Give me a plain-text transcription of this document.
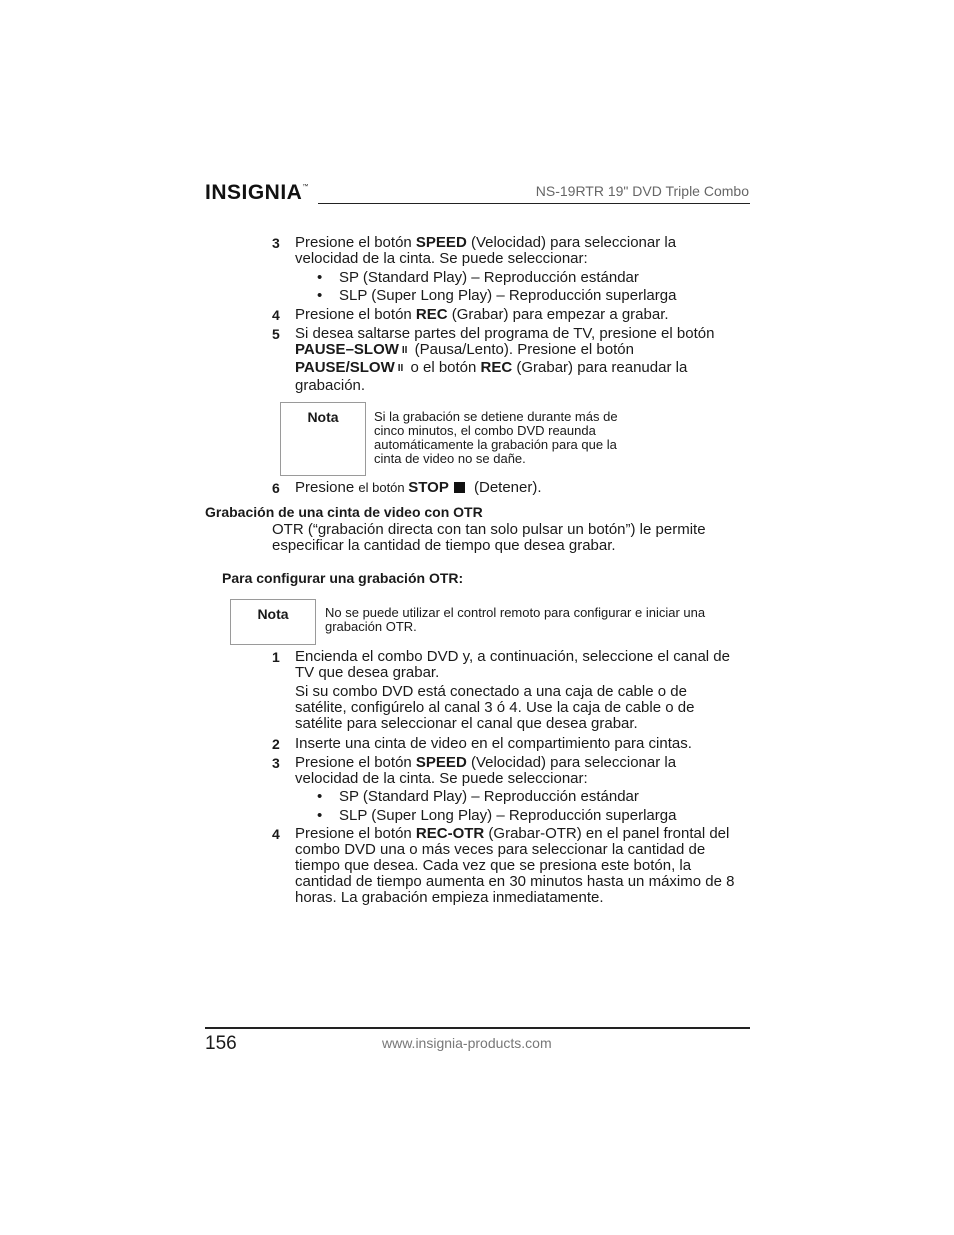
INSIGNIA™	NS-19RTR 19" DVD Triple Combo
3 Presione el botón SPEED (Velocidad) para seleccionar la
velocidad de la cinta. Se puede seleccionar:
• SP (Standard Play) – Reproducción estándar
• SLP (Super Long Play) – Reproducción superlarga
4 Presione el botón REC (Grabar) para empezar a grabar.
5 Si desea saltarse partes del programa de TV, presione el botón
PAUSE–SLOW II (Pausa/Lento). Presione el botón
PAUSE/SLOW II o el botón REC (Grabar) para reanudar la
grabación.
Nota	Si la grabación se detiene durante más de
cinco minutos, el combo DVD reaunda
automáticamente la grabación para que la
cinta de video no se dañe.
6 Presione el botón STOP (Detener).
Grabación de una cinta de video con OTR
OTR (“grabación directa con tan solo pulsar un botón”) le permite
especificar la cantidad de tiempo que desea grabar.
Para configurar una grabación OTR:
Nota	No se puede utilizar el control remoto para configurar e iniciar una
grabación OTR.
1 Encienda el combo DVD y, a continuación, seleccione el canal de
TV que desea grabar.
Si su combo DVD está conectado a una caja de cable o de
satélite, configúrelo al canal 3 ó 4. Use la caja de cable o de
satélite para seleccionar el canal que desea grabar.
2 Inserte una cinta de video en el compartimiento para cintas.
3 Presione el botón SPEED (Velocidad) para seleccionar la
velocidad de la cinta. Se puede seleccionar:
• SP (Standard Play) – Reproducción estándar
• SLP (Super Long Play) – Reproducción superlarga
4 Presione el botón REC-OTR (Grabar-OTR) en el panel frontal del
combo DVD una o más veces para seleccionar la cantidad de
tiempo que desea. Cada vez que se presiona este botón, la
cantidad de tiempo aumenta en 30 minutos hasta un máximo de 8
horas. La grabación empieza inmediatamente.
156	www.insignia-products.com
